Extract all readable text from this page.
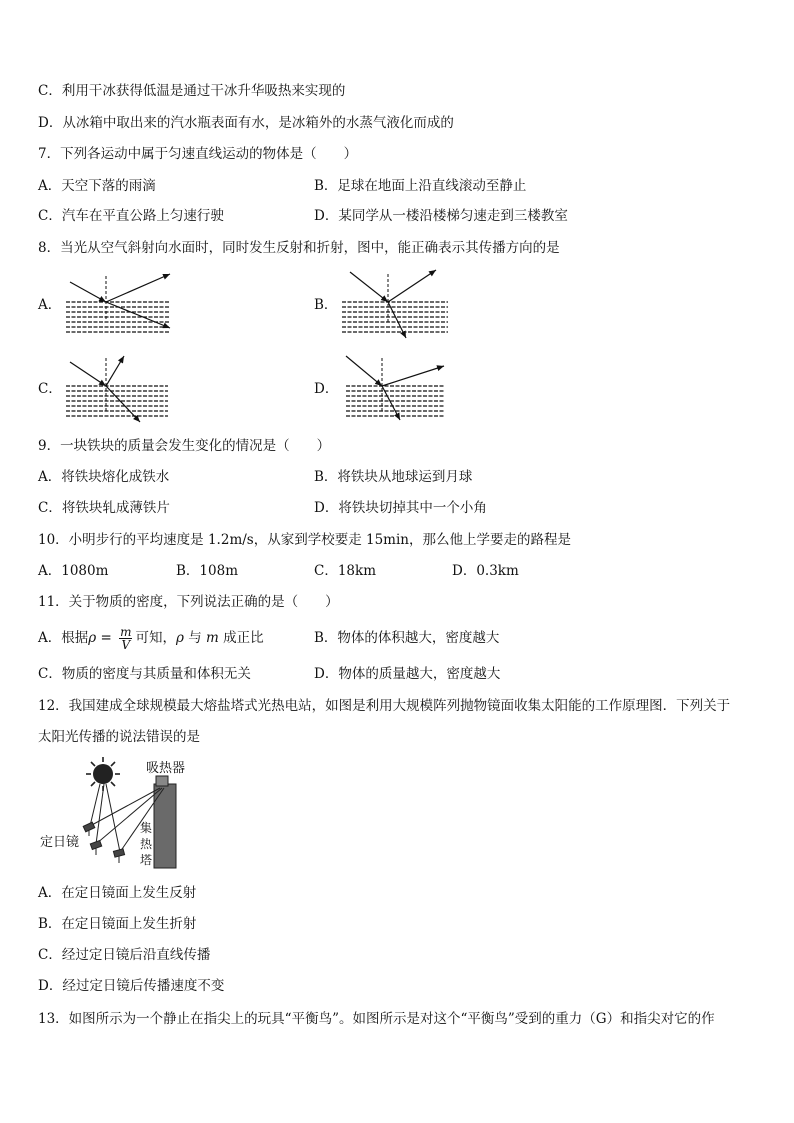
C．利用干冰获得低温是通过干冰升华吸热来实现的
D．从冰箱中取出来的汽水瓶表面有水，是冰箱外的水蒸气液化而成的
7．下列各运动中属于匀速直线运动的物体是（　　）
A．天空下落的雨滴	B．足球在地面上沿直线滚动至静止
C．汽车在平直公路上匀速行驶	D．某同学从一楼沿楼梯匀速走到三楼教室
8．当光从空气斜射向水面时，同时发生反射和折射，图中，能正确表示其传播方向的是
A．	B．
C．	D．
9．一块铁块的质量会发生变化的情况是（　　）
A．将铁块熔化成铁水	B．将铁块从地球运到月球
C．将铁块轧成薄铁片	D．将铁块切掉其中一个小角
10．小明步行的平均速度是 1.2m/s，从家到学校要走 15min，那么他上学要走的路程是
A．1080m	B．108m	C．18km	D．0.3km
11．关于物质的密度，下列说法正确的是（　　）
A．根据$\rho = \frac{m}{V}$ 可知，ρ 与 m 成正比	B．物体的体积越大，密度越大
C．物质的密度与其质量和体积无关	D．物体的质量越大，密度越大
12．我国建成全球规模最大熔盐塔式光热电站，如图是利用大规模阵列抛物镜面收集太阳能的工作原理图．下列关于
太阳光传播的说法错误的是
吸热器
集
热
塔
定日镜
A．在定日镜面上发生反射
B．在定日镜面上发生折射
C．经过定日镜后沿直线传播
D．经过定日镜后传播速度不变
13．如图所示为一个静止在指尖上的玩具“平衡鸟”。如图所示是对这个“平衡鸟”受到的重力（G）和指尖对它的作
